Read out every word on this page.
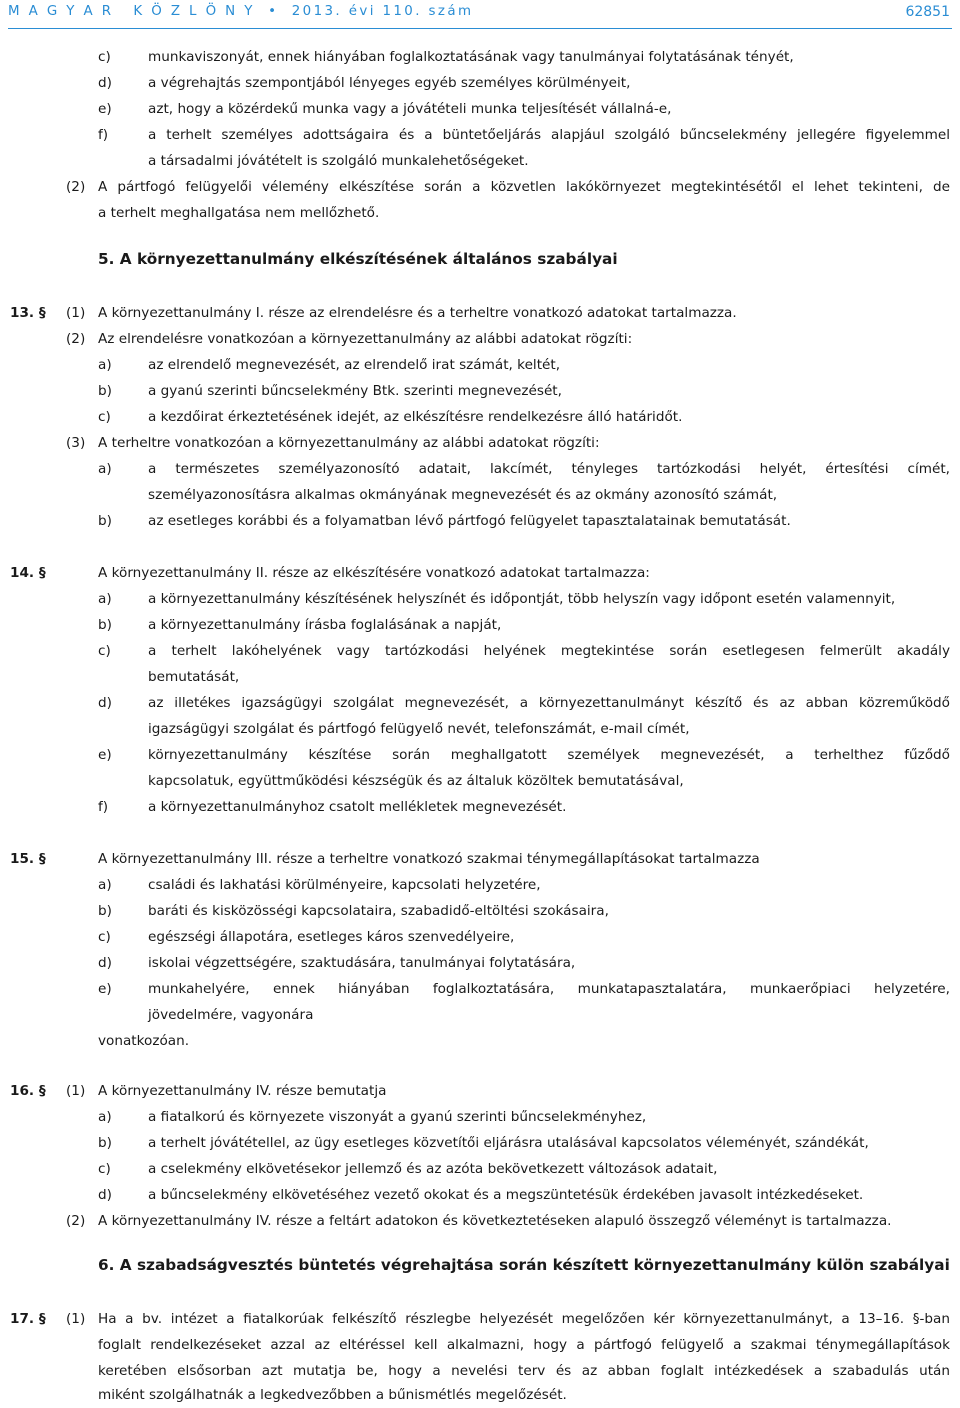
M A G Y A R   K Ö Z L Ö N Y  •  2013. évi 110. szám	62851
c)	munkaviszonyát, ennek hiányában foglalkoztatásának vagy tanulmányai folytatásának tényét,
d)	a végrehajtás szempontjából lényeges egyéb személyes körülményeit,
e)	azt, hogy a közérdekű munka vagy a jóvátételi munka teljesítését vállalná-e,
f)	a terhelt személyes adottságaira és a büntetőeljárás alapjául szolgáló bűncselekmény jellegére figyelemmel
a társadalmi jóvátételt is szolgáló munkalehetőségeket.
(2) A pártfogó felügyelői vélemény elkészítése során a közvetlen lakókörnyezet megtekintésétől el lehet tekinteni, de
a terhelt meghallgatása nem mellőzhető.
5. A környezettanulmány elkészítésének általános szabályai
13. § (1) A környezettanulmány I. része az elrendelésre és a terheltre vonatkozó adatokat tartalmazza.
(2) Az elrendelésre vonatkozóan a környezettanulmány az alábbi adatokat rögzíti:
a)	az elrendelő megnevezését, az elrendelő irat számát, keltét,
b)	a gyanú szerinti bűncselekmény Btk. szerinti megnevezését,
c)	a kezdőirat érkeztetésének idejét, az elkészítésre rendelkezésre álló határidőt.
(3) A terheltre vonatkozóan a környezettanulmány az alábbi adatokat rögzíti:
a)	a természetes személyazonosító adatait, lakcímét, tényleges tartózkodási helyét, értesítési címét,
személyazonosításra alkalmas okmányának megnevezését és az okmány azonosító számát,
b)	az esetleges korábbi és a folyamatban lévő pártfogó felügyelet tapasztalatainak bemutatását.
14. §	A környezettanulmány II. része az elkészítésére vonatkozó adatokat tartalmazza:
a)	a környezettanulmány készítésének helyszínét és időpontját, több helyszín vagy időpont esetén valamennyit,
b)	a környezettanulmány írásba foglalásának a napját,
c)	a terhelt lakóhelyének vagy tartózkodási helyének megtekintése során esetlegesen felmerült akadály
bemutatását,
d)	az illetékes igazságügyi szolgálat megnevezését, a környezettanulmányt készítő és az abban közreműködő
igazságügyi szolgálat és pártfogó felügyelő nevét, telefonszámát, e-mail címét,
e)	környezettanulmány készítése során meghallgatott személyek megnevezését, a terhelthez fűződő
kapcsolatuk, együttműködési készségük és az általuk közöltek bemutatásával,
f)	a környezettanulmányhoz csatolt mellékletek megnevezését.
15. §	A környezettanulmány III. része a terheltre vonatkozó szakmai ténymegállapításokat tartalmazza
a)	családi és lakhatási körülményeire, kapcsolati helyzetére,
b)	baráti és kisközösségi kapcsolataira, szabadidő-eltöltési szokásaira,
c)	egészségi állapotára, esetleges káros szenvedélyeire,
d)	iskolai végzettségére, szaktudására, tanulmányai folytatására,
e)	munkahelyére, ennek hiányában foglalkoztatására, munkatapasztalatára, munkaerőpiaci helyzetére,
jövedelmére, vagyonára
vonatkozóan.
16. § (1) A környezettanulmány IV. része bemutatja
a)	a fiatalkorú és környezete viszonyát a gyanú szerinti bűncselekményhez,
b)	a terhelt jóvátétellel, az ügy esetleges közvetítői eljárásra utalásával kapcsolatos véleményét, szándékát,
c)	a cselekmény elkövetésekor jellemző és az azóta bekövetkezett változások adatait,
d)	a bűncselekmény elkövetéséhez vezető okokat és a megszüntetésük érdekében javasolt intézkedéseket.
(2) A környezettanulmány IV. része a feltárt adatokon és következtetéseken alapuló összegző véleményt is tartalmazza.
6. A szabadságvesztés büntetés végrehajtása során készített környezettanulmány külön szabályai
17. § (1) Ha a bv. intézet a fiatalkorúak felkészítő részlegbe helyezését megelőzően kér környezettanulmányt, a 13–16. §-ban
foglalt rendelkezéseket azzal az eltéréssel kell alkalmazni, hogy a pártfogó felügyelő a szakmai ténymegállapítások
keretében elsősorban azt mutatja be, hogy a nevelési terv és az abban foglalt intézkedések a szabadulás után
miként szolgálhatnák a legkedvezőbben a bűnismétlés megelőzését.
